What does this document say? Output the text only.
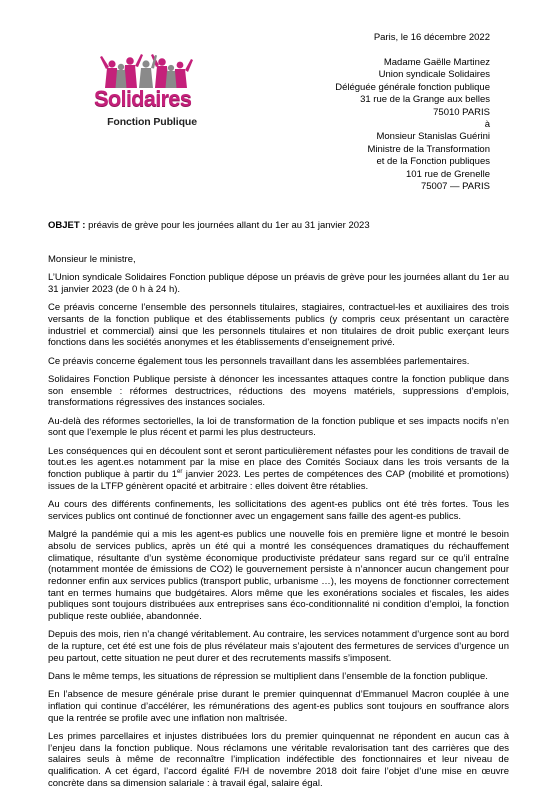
Solidaires
Fonction Publique
Paris, le 16 décembre 2022
Madame Gaëlle Martinez
Union syndicale Solidaires
Déléguée générale fonction publique
31 rue de la Grange aux belles
75010 PARIS
à
Monsieur Stanislas Guérini
Ministre de la Transformation
et de la Fonction publiques
101 rue de Grenelle
75007 — PARIS
OBJET : préavis de grève pour les journées allant du 1er au 31 janvier 2023

Monsieur le ministre,

L’Union syndicale Solidaires Fonction publique dépose un préavis de grève pour les journées allant du 1er au 31 janvier 2023 (de 0 h à 24 h).

Ce préavis concerne l’ensemble des personnels titulaires, stagiaires, contractuel-les et auxiliaires des trois versants de la fonction publique et des établissements publics (y compris ceux présentant un caractère industriel et commercial) ainsi que les personnels titulaires et non titulaires de droit public exerçant leurs fonctions dans les sociétés anonymes et les établissements d’enseignement privé.

Ce préavis concerne également tous les personnels travaillant dans les assemblées parlementaires.

Solidaires Fonction Publique persiste à dénoncer les incessantes attaques contre la fonction publique dans son ensemble : réformes destructrices, réductions des moyens matériels, suppressions d’emplois, transformations régressives des instances sociales.

Au-delà des réformes sectorielles, la loi de transformation de la fonction publique et ses impacts nocifs n’en sont que l’exemple le plus récent et parmi les plus destructeurs.

Les conséquences qui en découlent sont et seront particulièrement néfastes pour les conditions de travail de tout.es les agent.es notamment par la mise en place des Comités Sociaux dans les trois versants de la fonction publique à partir du 1er janvier 2023. Les pertes de compétences des CAP (mobilité et promotions) issues de la LTFP génèrent opacité et arbitraire : elles doivent être rétablies.

Au cours des différents confinements, les sollicitations des agent-es publics ont été très fortes. Tous les services publics ont continué de fonctionner avec un engagement sans faille des agent-es publics.

Malgré la pandémie qui a mis les agent-es publics une nouvelle fois en première ligne et montré le besoin absolu de services publics, après un été qui a montré les conséquences dramatiques du réchauffement climatique, résultante d’un système économique productiviste prédateur sans regard sur ce qu’il entraîne (notamment montée de émissions de CO2) le gouvernement persiste à n’annoncer aucun changement pour redonner enfin aux services publics (transport public, urbanisme …), les moyens de fonctionner correctement tant en termes humains que budgétaires. Alors même que les exonérations sociales et fiscales, les aides publiques sont toujours distribuées aux entreprises sans éco-conditionnalité ni condition d’emploi, la fonction publique reste oubliée, abandonnée.

Depuis des mois, rien n’a changé véritablement. Au contraire, les services notamment d’urgence sont au bord de la rupture, cet été est une fois de plus révélateur mais s’ajoutent des fermetures de services d’urgence un peu partout, cette situation ne peut durer et des recrutements massifs s’imposent.

Dans le même temps, les situations de répression se multiplient dans l’ensemble de la fonction publique.

En l’absence de mesure générale prise durant le premier quinquennat d’Emmanuel Macron couplée à une inflation qui continue d’accélérer, les rémunérations des agent-es publics sont toujours en souffrance alors que la rentrée se profile avec une inflation non maîtrisée.

Les primes parcellaires et injustes distribuées lors du premier quinquennat ne répondent en aucun cas à l’enjeu dans la fonction publique. Nous réclamons une véritable revalorisation tant des carrières que des salaires seuls à même de reconnaître l’implication indéfectible des fonctionnaires et leur niveau de qualification. A cet égard, l’accord égalité F/H de novembre 2018 doit faire l’objet d’une mise en œuvre concrète dans sa dimension salariale : à travail égal, salaire égal.
